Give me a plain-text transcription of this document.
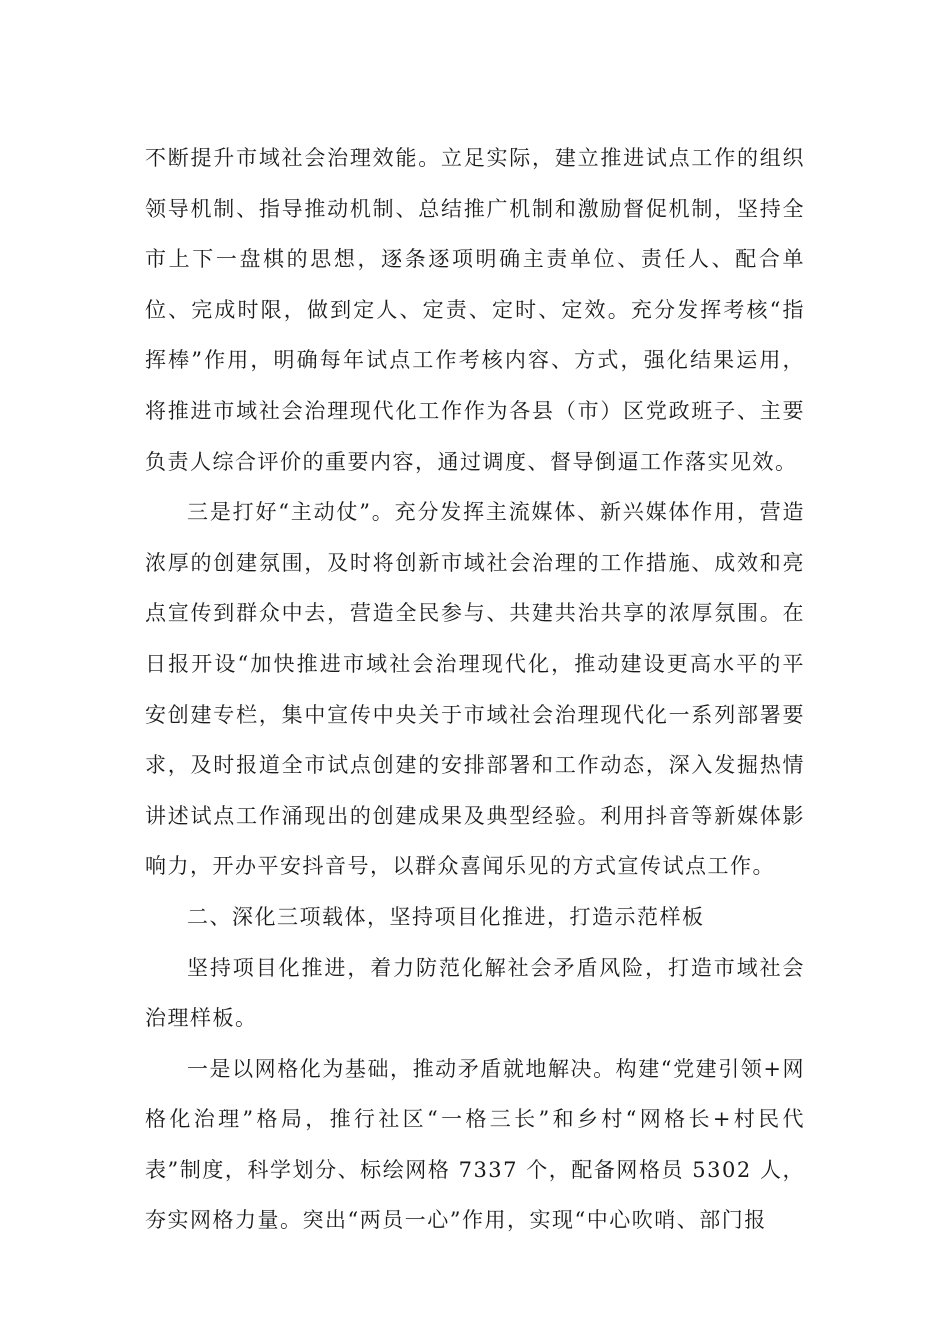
不断提升市域社会治理效能。立足实际，建立推进试点工作的组织领导机制、指导推动机制、总结推广机制和激励督促机制，坚持全市上下一盘棋的思想，逐条逐项明确主责单位、责任人、配合单位、完成时限，做到定人、定责、定时、定效。充分发挥考核“指挥棒”作用，明确每年试点工作考核内容、方式，强化结果运用，将推进市域社会治理现代化工作作为各县（市）区党政班子、主要负责人综合评价的重要内容，通过调度、督导倒逼工作落实见效。

三是打好“主动仗”。充分发挥主流媒体、新兴媒体作用，营造浓厚的创建氛围，及时将创新市域社会治理的工作措施、成效和亮点宣传到群众中去，营造全民参与、共建共治共享的浓厚氛围。在日报开设“加快推进市域社会治理现代化，推动建设更高水平的平安创建专栏，集中宣传中央关于市域社会治理现代化一系列部署要求，及时报道全市试点创建的安排部署和工作动态，深入发掘热情讲述试点工作涌现出的创建成果及典型经验。利用抖音等新媒体影响力，开办平安抖音号，以群众喜闻乐见的方式宣传试点工作。

二、深化三项载体，坚持项目化推进，打造示范样板

坚持项目化推进，着力防范化解社会矛盾风险，打造市域社会治理样板。

一是以网格化为基础，推动矛盾就地解决。构建“党建引领+网格化治理”格局，推行社区“一格三长”和乡村“网格长+村民代表”制度，科学划分、标绘网格 7337 个，配备网格员 5302 人，夯实网格力量。突出“两员一心”作用，实现“中心吹哨、部门报
